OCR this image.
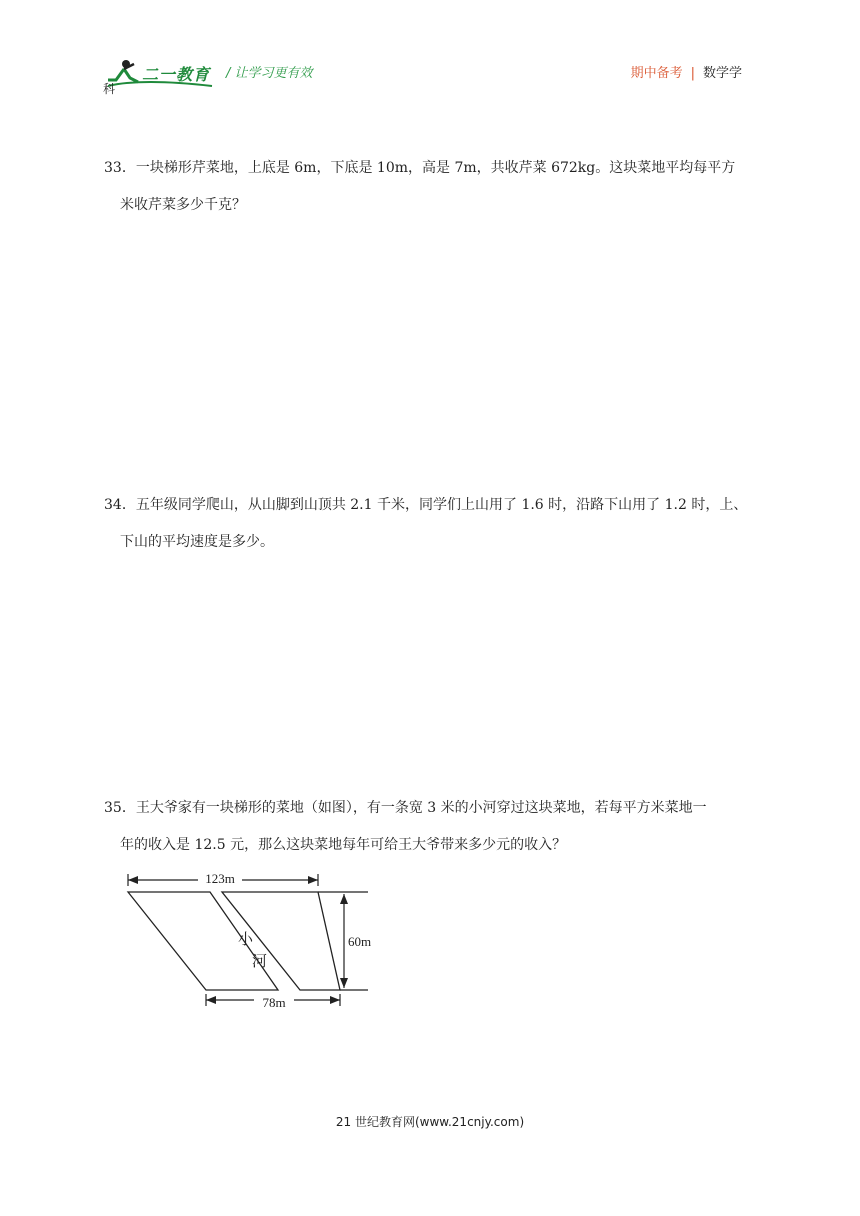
二一教育
科
/ 让学习更有效	期中备考 | 数学学

33．一块梯形芹菜地，上底是 6m，下底是 10m，高是 7m，共收芹菜 672kg。这块菜地平均每平方

米收芹菜多少千克？

34．五年级同学爬山，从山脚到山顶共 2.1 千米，同学们上山用了 1.6 时，沿路下山用了 1.2 时，上、

下山的平均速度是多少。

35．王大爷家有一块梯形的菜地（如图），有一条宽 3 米的小河穿过这块菜地，若每平方米菜地一

年的收入是 12.5 元，那么这块菜地每年可给王大爷带来多少元的收入？

123m
60m
小
河
78m
21 世纪教育网(www.21cnjy.com)
